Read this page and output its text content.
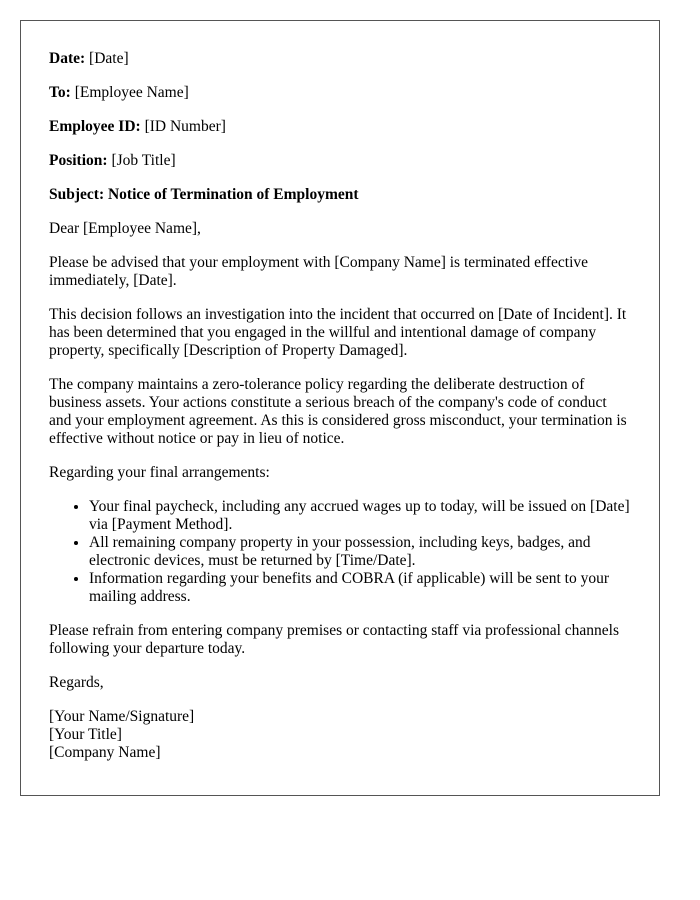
Date: [Date]
To: [Employee Name]
Employee ID: [ID Number]
Position: [Job Title]
Subject: Notice of Termination of Employment

Dear [Employee Name],

Please be advised that your employment with [Company Name] is terminated effective immediately, [Date].

This decision follows an investigation into the incident that occurred on [Date of Incident]. It has been determined that you engaged in the willful and intentional damage of company property, specifically [Description of Property Damaged].

The company maintains a zero-tolerance policy regarding the deliberate destruction of business assets. Your actions constitute a serious breach of the company's code of conduct and your employment agreement. As this is considered gross misconduct, your termination is effective without notice or pay in lieu of notice.

Regarding your final arrangements:

• Your final paycheck, including any accrued wages up to today, will be issued on [Date] via [Payment Method].
• All remaining company property in your possession, including keys, badges, and electronic devices, must be returned by [Time/Date].
• Information regarding your benefits and COBRA (if applicable) will be sent to your mailing address.

Please refrain from entering company premises or contacting staff via professional channels following your departure today.

Regards,

[Your Name/Signature]
[Your Title]
[Company Name]
